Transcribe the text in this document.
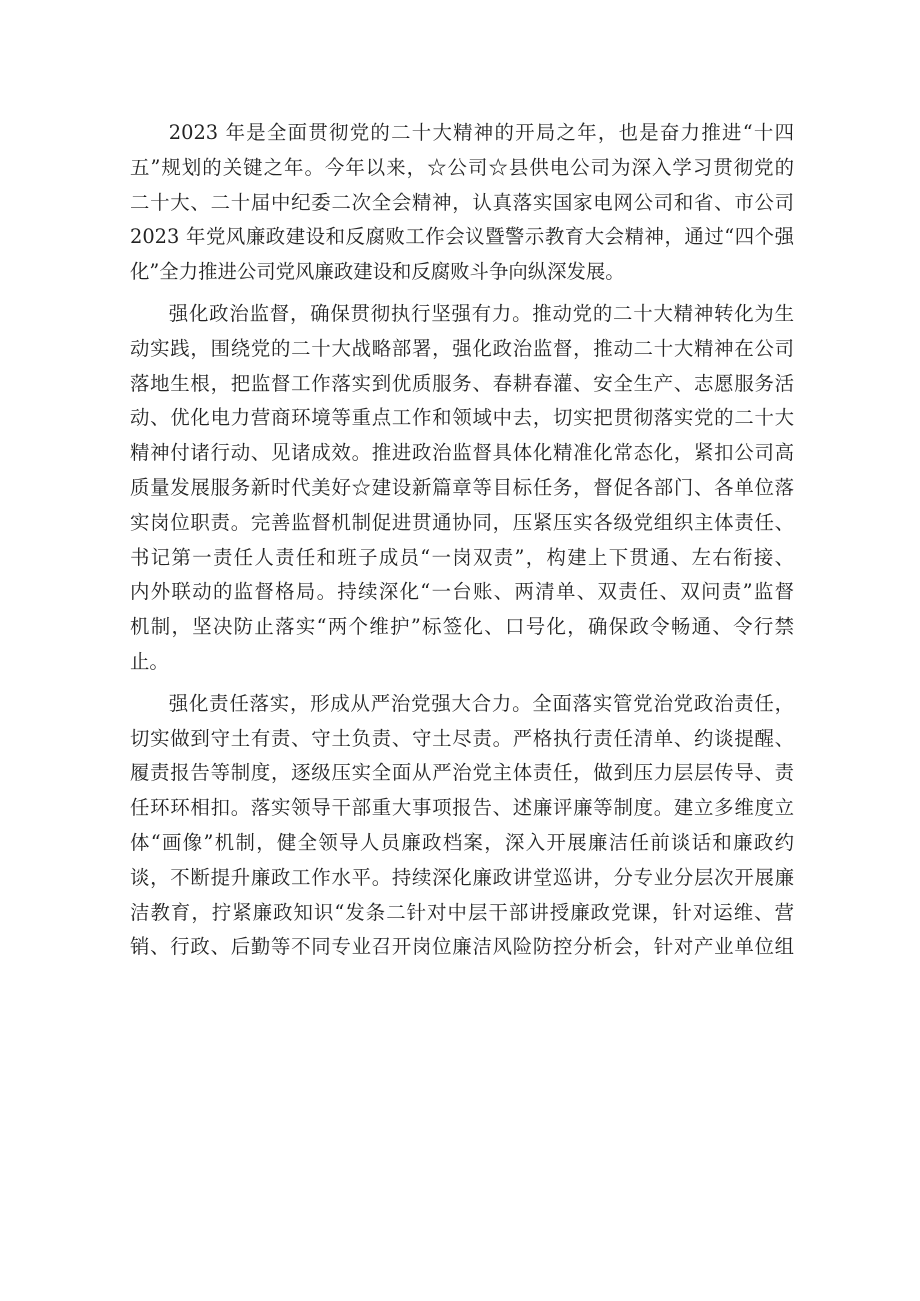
2023 年是全面贯彻党的二十大精神的开局之年，也是奋力推进“十四
五”规划的关键之年。今年以来，☆公司☆县供电公司为深入学习贯彻党的
二十大、二十届中纪委二次全会精神，认真落实国家电网公司和省、市公司
2023 年党风廉政建设和反腐败工作会议暨警示教育大会精神，通过“四个强
化”全力推进公司党风廉政建设和反腐败斗争向纵深发展。
强化政治监督，确保贯彻执行坚强有力。推动党的二十大精神转化为生
动实践，围绕党的二十大战略部署，强化政治监督，推动二十大精神在公司
落地生根，把监督工作落实到优质服务、春耕春灌、安全生产、志愿服务活
动、优化电力营商环境等重点工作和领域中去，切实把贯彻落实党的二十大
精神付诸行动、见诸成效。推进政治监督具体化精准化常态化，紧扣公司高
质量发展服务新时代美好☆建设新篇章等目标任务，督促各部门、各单位落
实岗位职责。完善监督机制促进贯通协同，压紧压实各级党组织主体责任、
书记第一责任人责任和班子成员“一岗双责”，构建上下贯通、左右衔接、
内外联动的监督格局。持续深化“一台账、两清单、双责任、双问责”监督
机制，坚决防止落实“两个维护”标签化、口号化，确保政令畅通、令行禁
止。
强化责任落实，形成从严治党强大合力。全面落实管党治党政治责任，
切实做到守土有责、守土负责、守土尽责。严格执行责任清单、约谈提醒、
履责报告等制度，逐级压实全面从严治党主体责任，做到压力层层传导、责
任环环相扣。落实领导干部重大事项报告、述廉评廉等制度。建立多维度立
体“画像”机制，健全领导人员廉政档案，深入开展廉洁任前谈话和廉政约
谈，不断提升廉政工作水平。持续深化廉政讲堂巡讲，分专业分层次开展廉
洁教育，拧紧廉政知识“发条二针对中层干部讲授廉政党课，针对运维、营
销、行政、后勤等不同专业召开岗位廉洁风险防控分析会，针对产业单位组
